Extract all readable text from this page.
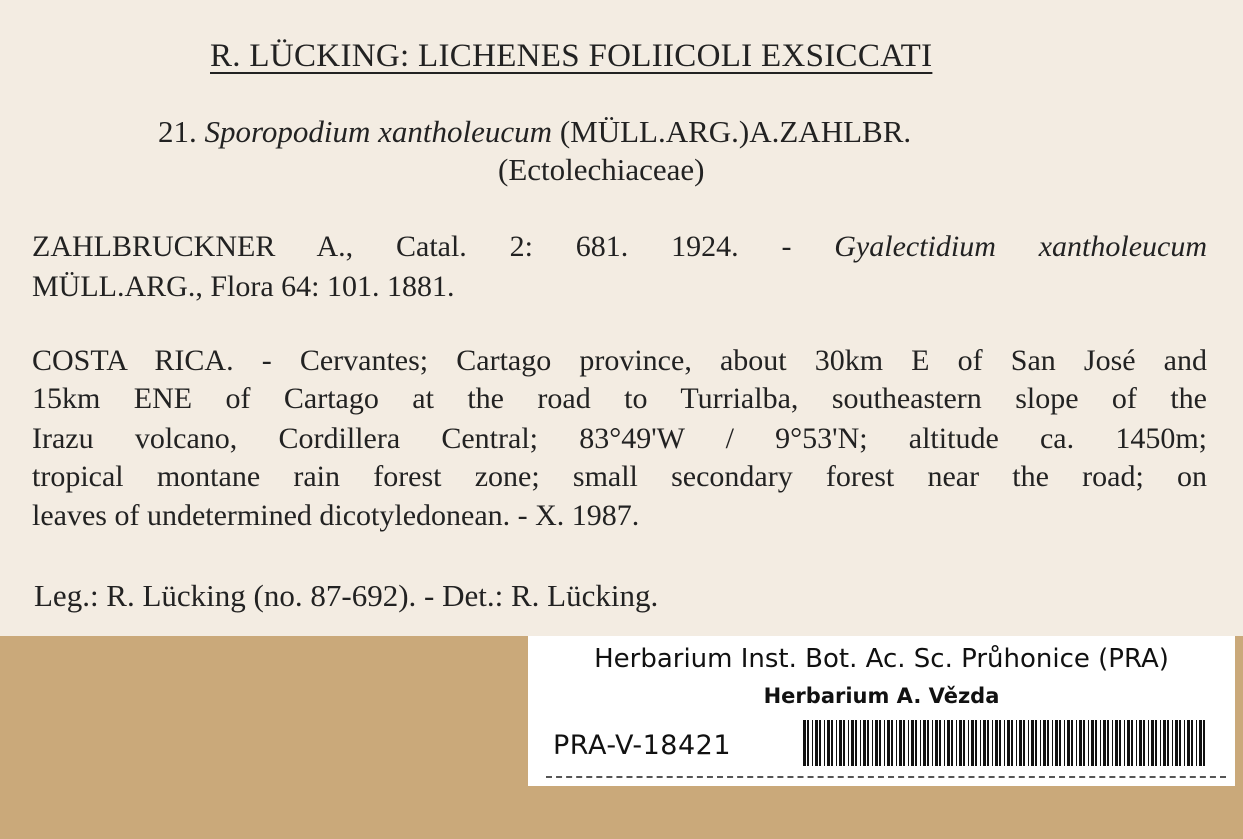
R. LÜCKING: LICHENES FOLIICOLI EXSICCATI

21. Sporopodium xantholeucum (MÜLL.ARG.)A.ZAHLBR.

(Ectolechiaceae)

ZAHLBRUCKNER A., Catal. 2: 681. 1924. - Gyalectidium xantholeucum

MÜLL.ARG., Flora 64: 101. 1881.

COSTA RICA. - Cervantes; Cartago province, about 30km E of San José and

15km ENE of Cartago at the road to Turrialba, southeastern slope of the

Irazu volcano, Cordillera Central; 83°49'W / 9°53'N; altitude ca. 1450m;

tropical montane rain forest zone; small secondary forest near the road; on

leaves of undetermined dicotyledonean. - X. 1987.

Leg.: R. Lücking (no. 87-692). - Det.: R. Lücking.

Herbarium Inst. Bot. Ac. Sc. Průhonice (PRA)
Herbarium A. Vězda
PRA-V-18421
